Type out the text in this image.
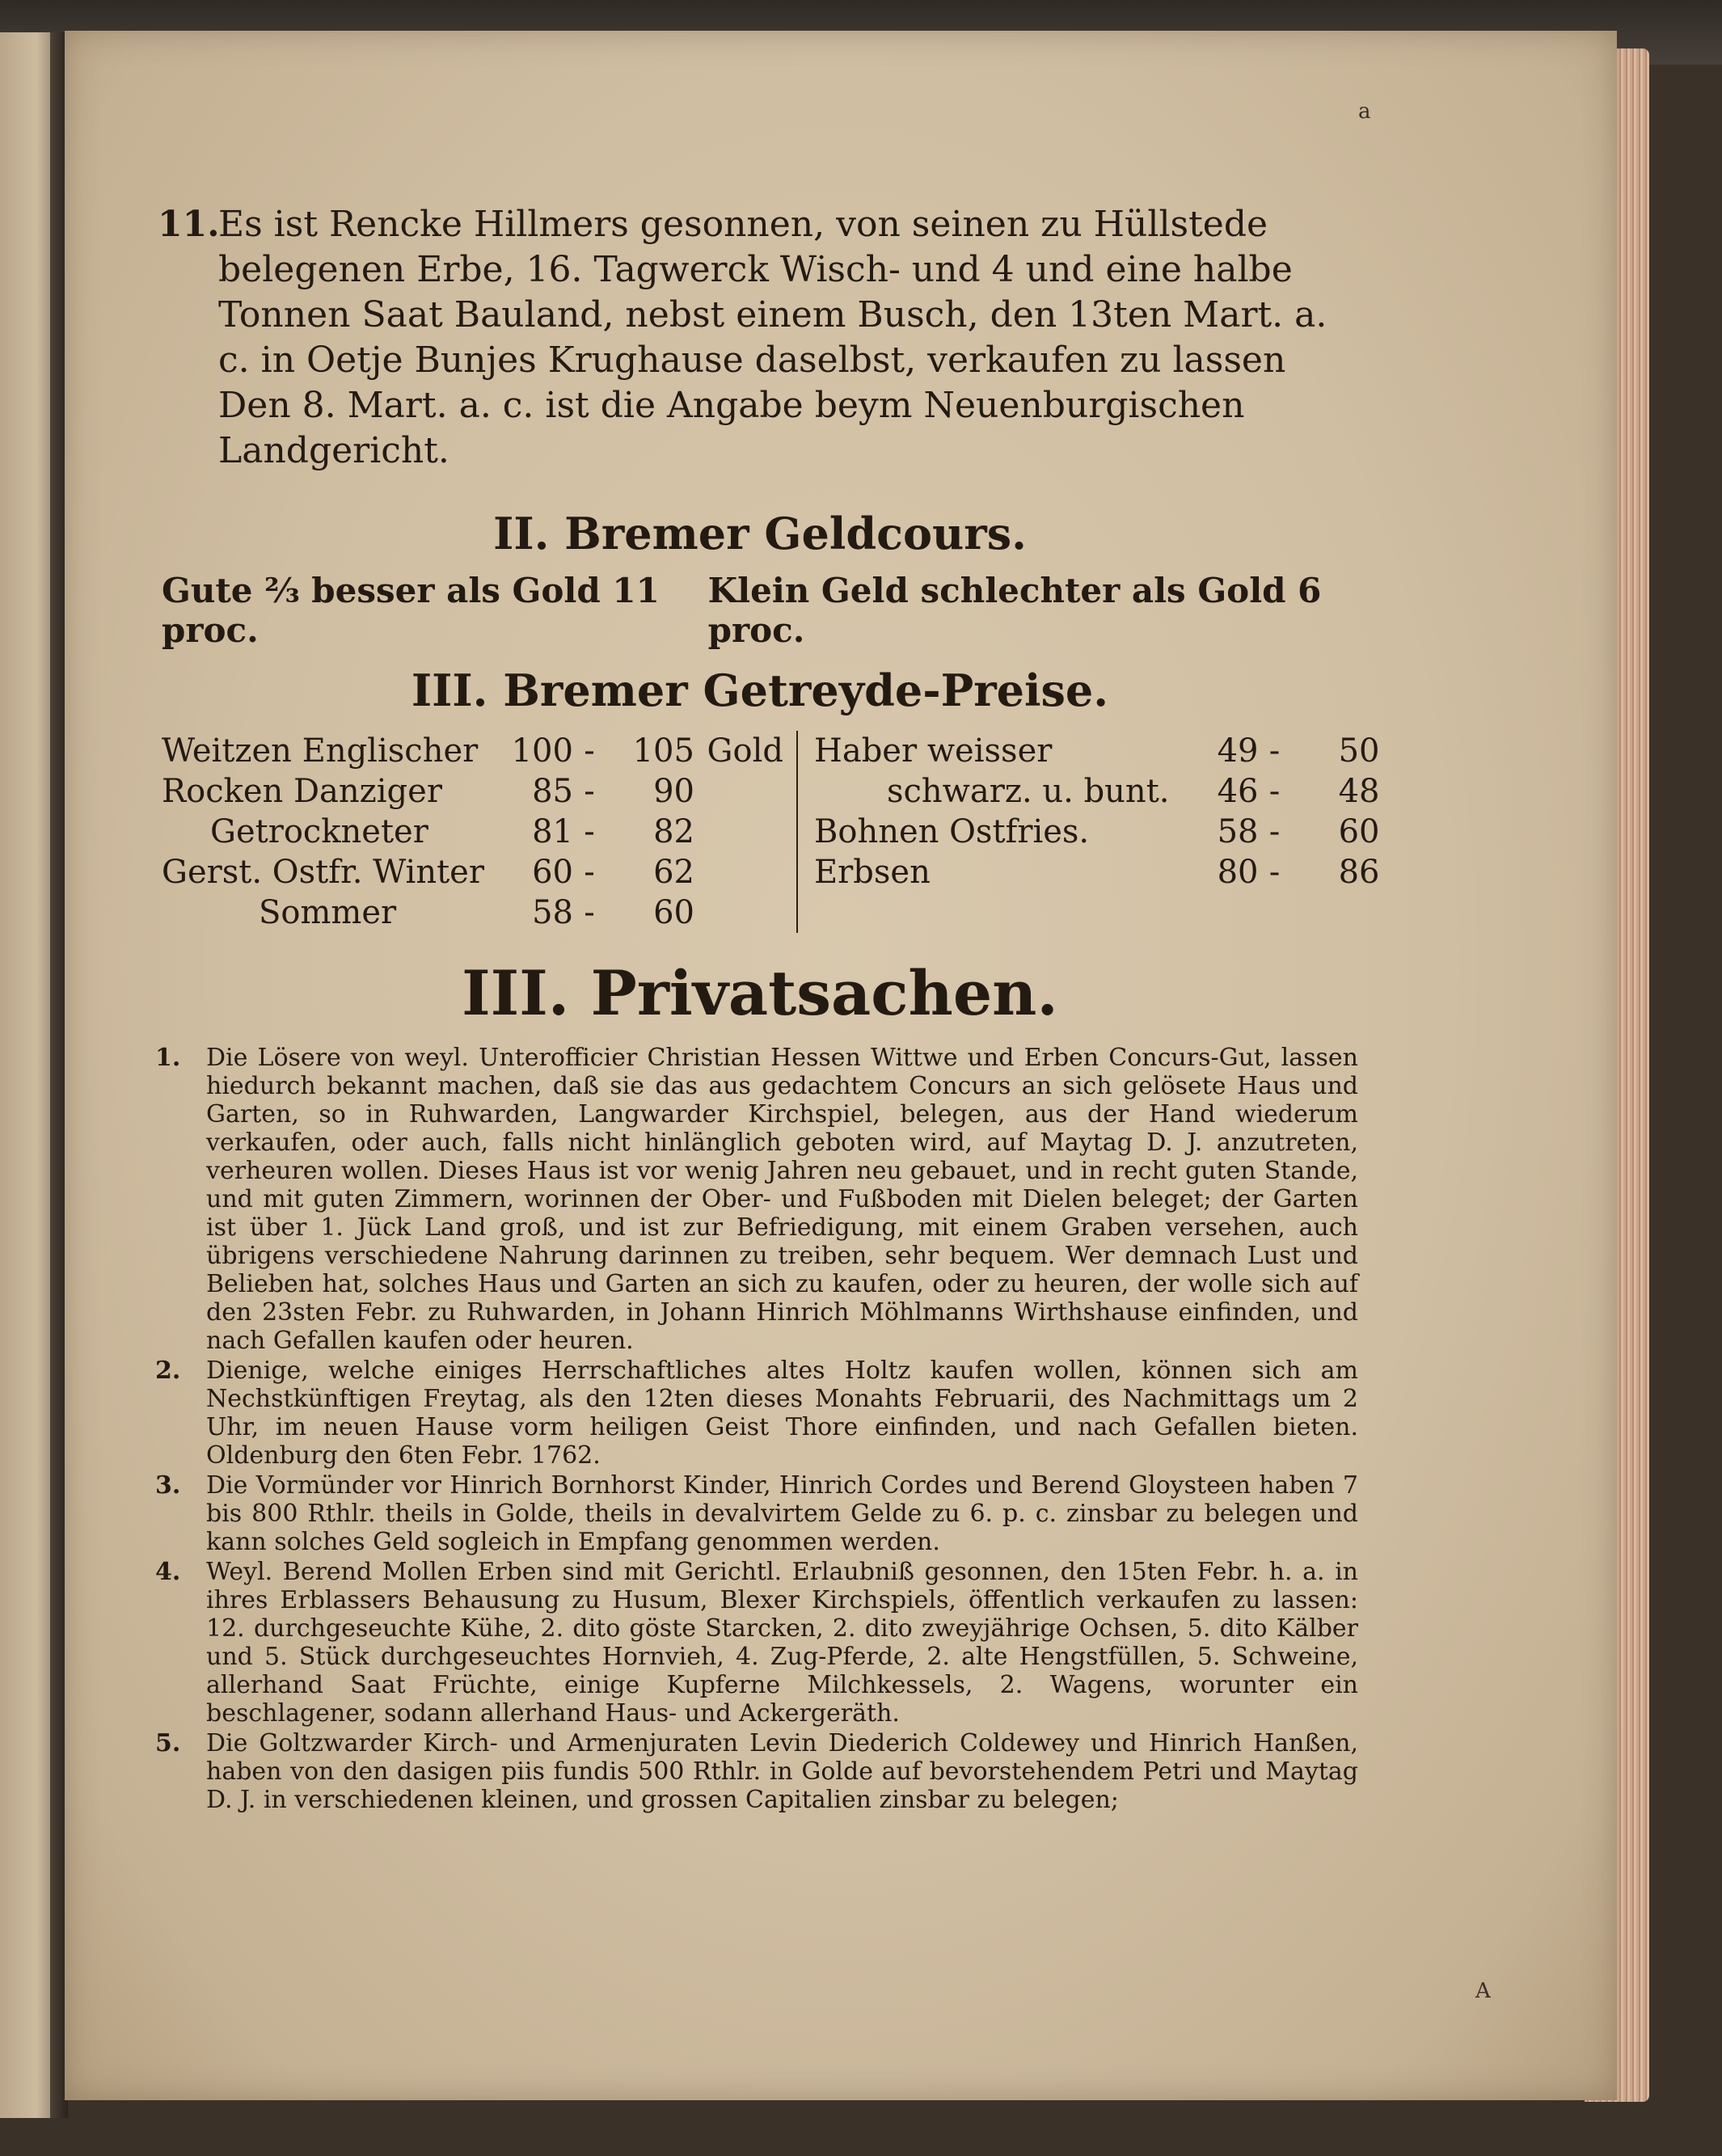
a
A

11.
Es ist Rencke Hillmers gesonnen, von seinen zu Hüllstede belegenen Erbe, 16. Tagwerck Wisch- und 4 und eine halbe Tonnen Saat Bauland, nebst einem Busch, den 13ten Mart. a. c. in Oetje Bunjes Krughause daselbst, verkaufen zu lassen Den 8. Mart. a. c. ist die Angabe beym Neuenburgischen Landgericht.

II. Bremer Geldcours.
Gute ⅔ besser als Gold 11 proc.
Klein Geld schlechter als Gold 6 proc.
III. Bremer Getreyde-Preise.
Weitzen Englischer	100 -	105 Gold
Rocken Danziger	85 -	90
Getrockneter	81 -	82
Gerst. Ostfr. Winter	60 -	62
Sommer	58 -	60
Haber weisser	49 -	50
schwarz. u. bunt.	46 -	48
Bohnen Ostfries.	58 -	60
Erbsen	80 -	86
III. Privatsachen.

1. Die Lösere von weyl. Unterofficier Christian Hessen Wittwe und Erben Concurs-Gut, lassen hiedurch bekannt machen, daß sie das aus gedachtem Concurs an sich gelösete Haus und Garten, so in Ruhwarden, Langwarder Kirchspiel, belegen, aus der Hand wiederum verkaufen, oder auch, falls nicht hinlänglich geboten wird, auf Maytag D. J. anzutreten, verheuren wollen. Dieses Haus ist vor wenig Jahren neu gebauet, und in recht guten Stande, und mit guten Zimmern, worinnen der Ober- und Fußboden mit Dielen beleget; der Garten ist über 1. Jück Land groß, und ist zur Befriedigung, mit einem Graben versehen, auch übrigens verschiedene Nahrung darinnen zu treiben, sehr bequem. Wer demnach Lust und Belieben hat, solches Haus und Garten an sich zu kaufen, oder zu heuren, der wolle sich auf den 23sten Febr. zu Ruhwarden, in Johann Hinrich Möhlmanns Wirthshause einfinden, und nach Gefallen kaufen oder heuren.

2. Dienige, welche einiges Herrschaftliches altes Holtz kaufen wollen, können sich am Nechstkünftigen Freytag, als den 12ten dieses Monahts Februarii, des Nachmittags um 2 Uhr, im neuen Hause vorm heiligen Geist Thore einfinden, und nach Gefallen bieten. Oldenburg den 6ten Febr. 1762.

3. Die Vormünder vor Hinrich Bornhorst Kinder, Hinrich Cordes und Berend Gloysteen haben 7 bis 800 Rthlr. theils in Golde, theils in devalvirtem Gelde zu 6. p. c. zinsbar zu belegen und kann solches Geld sogleich in Empfang genommen werden.

4. Weyl. Berend Mollen Erben sind mit Gerichtl. Erlaubniß gesonnen, den 15ten Febr. h. a. in ihres Erblassers Behausung zu Husum, Blexer Kirchspiels, öffentlich verkaufen zu lassen: 12. durchgeseuchte Kühe, 2. dito göste Starcken, 2. dito zweyjährige Ochsen, 5. dito Kälber und 5. Stück durchgeseuchtes Hornvieh, 4. Zug-Pferde, 2. alte Hengstfüllen, 5. Schweine, allerhand Saat Früchte, einige Kupferne Milchkessels, 2. Wagens, worunter ein beschlagener, sodann allerhand Haus- und Ackergeräth.

5. Die Goltzwarder Kirch- und Armenjuraten Levin Diederich Coldewey und Hinrich Hanßen, haben von den dasigen piis fundis 500 Rthlr. in Golde auf bevorstehendem Petri und Maytag D. J. in verschiedenen kleinen, und grossen Capitalien zinsbar zu belegen;
